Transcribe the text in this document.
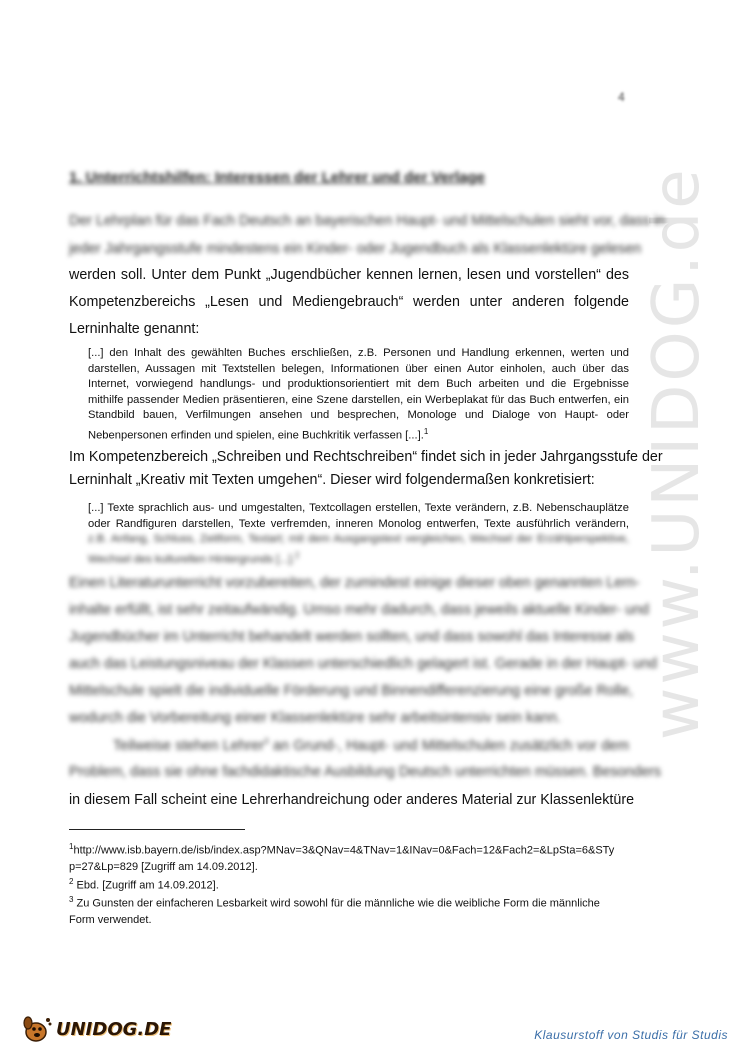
www.UNIDOG.de
4
1. Unterrichtshilfen: Interessen der Lehrer und der Verlage
Der Lehrplan für das Fach Deutsch an bayerischen Haupt- und Mittelschulen sieht vor, dass in
jeder Jahrgangsstufe mindestens ein Kinder- oder Jugendbuch als Klassenlektüre gelesen
werden soll. Unter dem Punkt „Jugendbücher kennen lernen, lesen und vorstellen“ des
Kompetenzbereichs „Lesen und Mediengebrauch“ werden unter anderen folgende
Lerninhalte genannt:
[...] den Inhalt des gewählten Buches erschließen, z.B. Personen und Handlung erkennen, werten und
darstellen, Aussagen mit Textstellen belegen, Informationen über einen Autor einholen, auch über das
Internet, vorwiegend handlungs- und produktionsorientiert mit dem Buch arbeiten und die Ergebnisse
mithilfe passender Medien präsentieren, eine Szene darstellen, ein Werbeplakat für das Buch entwerfen, ein
Standbild bauen, Verfilmungen ansehen und besprechen, Monologe und Dialoge von Haupt- oder
Nebenpersonen erfinden und spielen, eine Buchkritik verfassen [...].$^1$
Im Kompetenzbereich „Schreiben und Rechtschreiben“ findet sich in jeder Jahrgangsstufe der
Lerninhalt „Kreativ mit Texten umgehen“. Dieser wird folgendermaßen konkretisiert:
[...] Texte sprachlich aus- und umgestalten, Textcollagen erstellen, Texte verändern, z.B. Nebenschauplätze
oder Randfiguren darstellen, Texte verfremden, inneren Monolog entwerfen, Texte ausführlich verändern,
z.B. Anfang, Schluss, Zeitform, Textart; mit dem Ausgangstext vergleichen, Wechsel der Erzählperspektive,
Wechsel des kulturellen Hintergrunds [...].$^2$
Einen Literaturunterricht vorzubereiten, der zumindest einige dieser oben genannten Lern-
inhalte erfüllt, ist sehr zeitaufwändig. Umso mehr dadurch, dass jeweils aktuelle Kinder- und
Jugendbücher im Unterricht behandelt werden sollten, und dass sowohl das Interesse als
auch das Leistungsniveau der Klassen unterschiedlich gelagert ist. Gerade in der Haupt- und
Mittelschule spielt die individuelle Förderung und Binnendifferenzierung eine große Rolle,
wodurch die Vorbereitung einer Klassenlektüre sehr arbeitsintensiv sein kann.
Teilweise stehen Lehrer$^3$ an Grund-, Haupt- und Mittelschulen zusätzlich vor dem
Problem, dass sie ohne fachdidaktische Ausbildung Deutsch unterrichten müssen. Besonders
in diesem Fall scheint eine Lehrerhandreichung oder anderes Material zur Klassenlektüre
$^1$http://www.isb.bayern.de/isb/index.asp?MNav=3&QNav=4&TNav=1&INav=0&Fach=12&Fach2=&LpSta=6&STy
p=27&Lp=829 [Zugriff am 14.09.2012].
$^2$ Ebd. [Zugriff am 14.09.2012].
$^3$ Zu Gunsten der einfacheren Lesbarkeit wird sowohl für die männliche wie die weibliche Form die männliche
Form verwendet.
UNIDOG.DE	Klausurstoff von Studis für Studis
